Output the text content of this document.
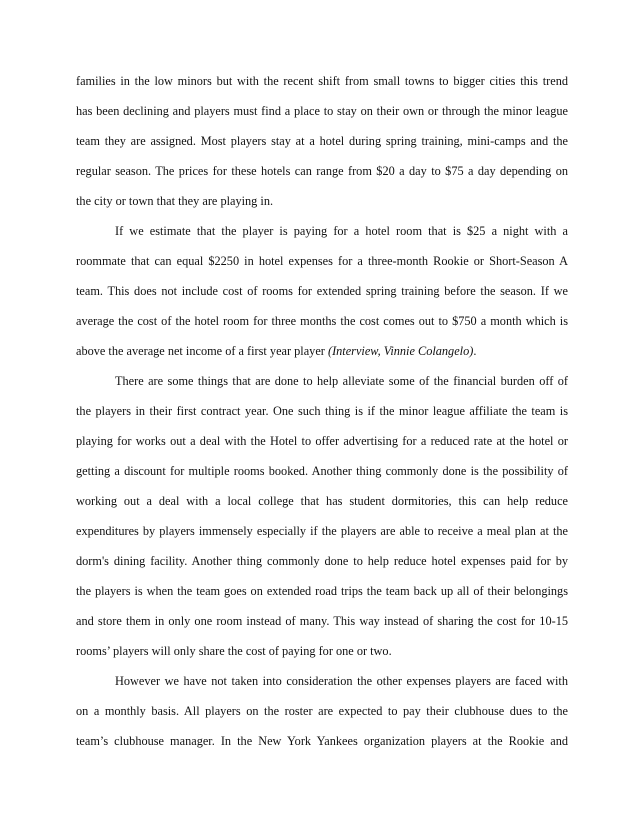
families in the low minors but with the recent shift from small towns to bigger cities this trend
has been declining and players must find a place to stay on their own or through the minor league
team they are assigned. Most players stay at a hotel during spring training, mini-camps and the
regular season. The prices for these hotels can range from $20 a day to $75 a day depending on
the city or town that they are playing in.
If we estimate that the player is paying for a hotel room that is $25 a night with a
roommate that can equal $2250 in hotel expenses for a three-month Rookie or Short-Season A
team. This does not include cost of rooms for extended spring training before the season. If we
average the cost of the hotel room for three months the cost comes out to $750 a month which is
above the average net income of a first year player (Interview, Vinnie Colangelo).
There are some things that are done to help alleviate some of the financial burden off of
the players in their first contract year. One such thing is if the minor league affiliate the team is
playing for works out a deal with the Hotel to offer advertising for a reduced rate at the hotel or
getting a discount for multiple rooms booked. Another thing commonly done is the possibility of
working out a deal with a local college that has student dormitories, this can help reduce
expenditures by players immensely especially if the players are able to receive a meal plan at the
dorm's dining facility. Another thing commonly done to help reduce hotel expenses paid for by
the players is when the team goes on extended road trips the team back up all of their belongings
and store them in only one room instead of many. This way instead of sharing the cost for 10-15
rooms’ players will only share the cost of paying for one or two.
However we have not taken into consideration the other expenses players are faced with
on a monthly basis. All players on the roster are expected to pay their clubhouse dues to the
team’s clubhouse manager. In the New York Yankees organization players at the Rookie and
